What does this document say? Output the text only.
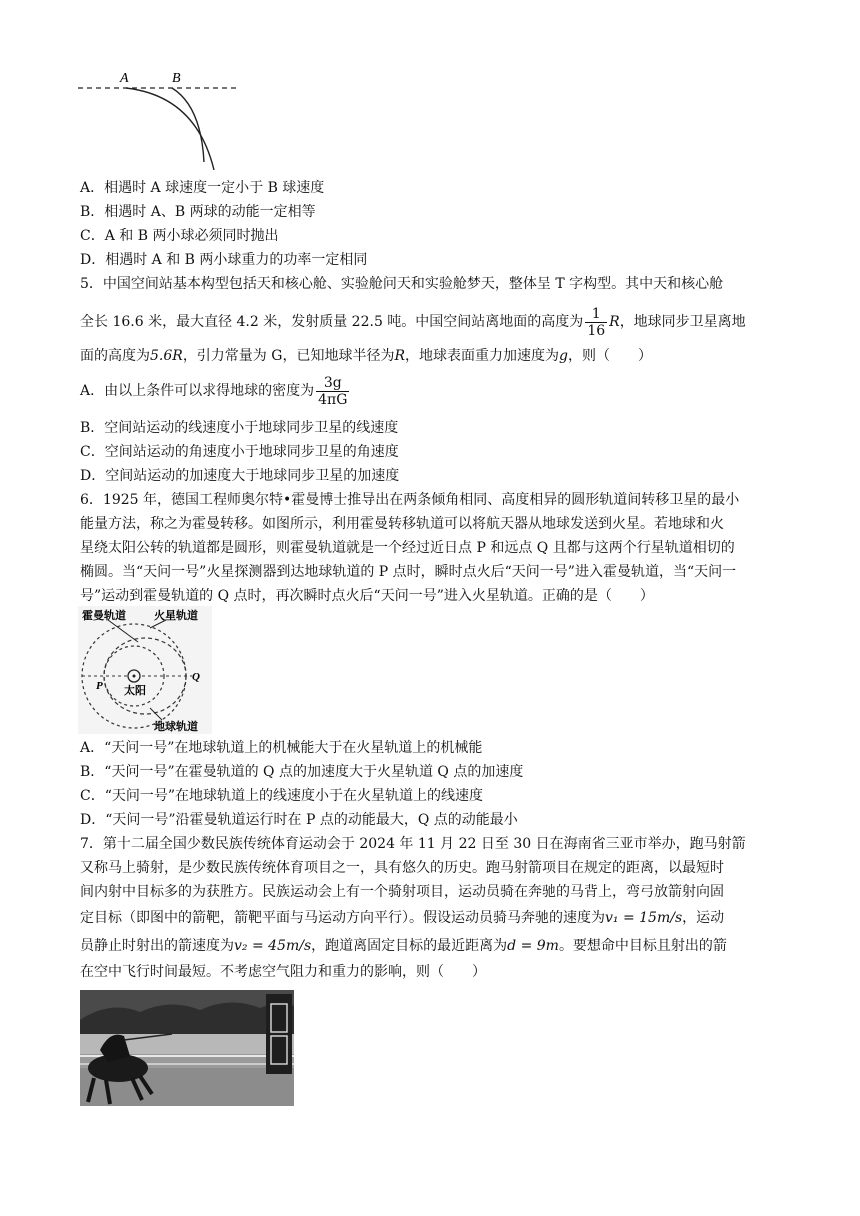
A	B
A．相遇时 A 球速度一定小于 B 球速度
B．相遇时 A、B 两球的动能一定相等
C．A 和 B 两小球必须同时抛出
D．相遇时 A 和 B 两小球重力的功率一定相同
5．中国空间站基本构型包括天和核心舱、实验舱问天和实验舱梦天，整体呈 T 字构型。其中天和核心舱
全长 16.6 米，最大直径 4.2 米，发射质量 22.5 吨。中国空间站离地面的高度为 $\frac{1}{16}$ R，地球同步卫星离地
面的高度为5.6R，引力常量为 G，已知地球半径为R，地球表面重力加速度为g，则（　　）
A．由以上条件可以求得地球的密度为 $\frac{3g}{4\pi G}$
B．空间站运动的线速度小于地球同步卫星的线速度
C．空间站运动的角速度小于地球同步卫星的角速度
D．空间站运动的加速度大于地球同步卫星的加速度
6．1925 年，德国工程师奥尔特•霍曼博士推导出在两条倾角相同、高度相异的圆形轨道间转移卫星的最小
能量方法，称之为霍曼转移。如图所示，利用霍曼转移轨道可以将航天器从地球发送到火星。若地球和火
星绕太阳公转的轨道都是圆形，则霍曼轨道就是一个经过近日点 P 和远点 Q 且都与这两个行星轨道相切的
椭圆。当“天问一号”火星探测器到达地球轨道的 P 点时，瞬时点火后“天问一号”进入霍曼轨道，当“天问一
号”运动到霍曼轨道的 Q 点时，再次瞬时点火后“天问一号”进入火星轨道。正确的是（　　）
霍曼轨道	火星轨道
太阳
地球轨道
P
Q
A．“天问一号”在地球轨道上的机械能大于在火星轨道上的机械能
B．“天问一号”在霍曼轨道的 Q 点的加速度大于火星轨道 Q 点的加速度
C．“天问一号”在地球轨道上的线速度小于在火星轨道上的线速度
D．“天问一号”沿霍曼轨道运行时在 P 点的动能最大，Q 点的动能最小
7．第十二届全国少数民族传统体育运动会于 2024 年 11 月 22 日至 30 日在海南省三亚市举办，跑马射箭
又称马上骑射，是少数民族传统体育项目之一，具有悠久的历史。跑马射箭项目在规定的距离，以最短时
间内射中目标多的为获胜方。民族运动会上有一个骑射项目，运动员骑在奔驰的马背上，弯弓放箭射向固
定目标（即图中的箭靶，箭靶平面与马运动方向平行）。假设运动员骑马奔驰的速度为v₁ = 15m/s，运动
员静止时射出的箭速度为v₂ = 45m/s，跑道离固定目标的最近距离为d = 9m。要想命中目标且射出的箭
在空中飞行时间最短。不考虑空气阻力和重力的影响，则（　　）
